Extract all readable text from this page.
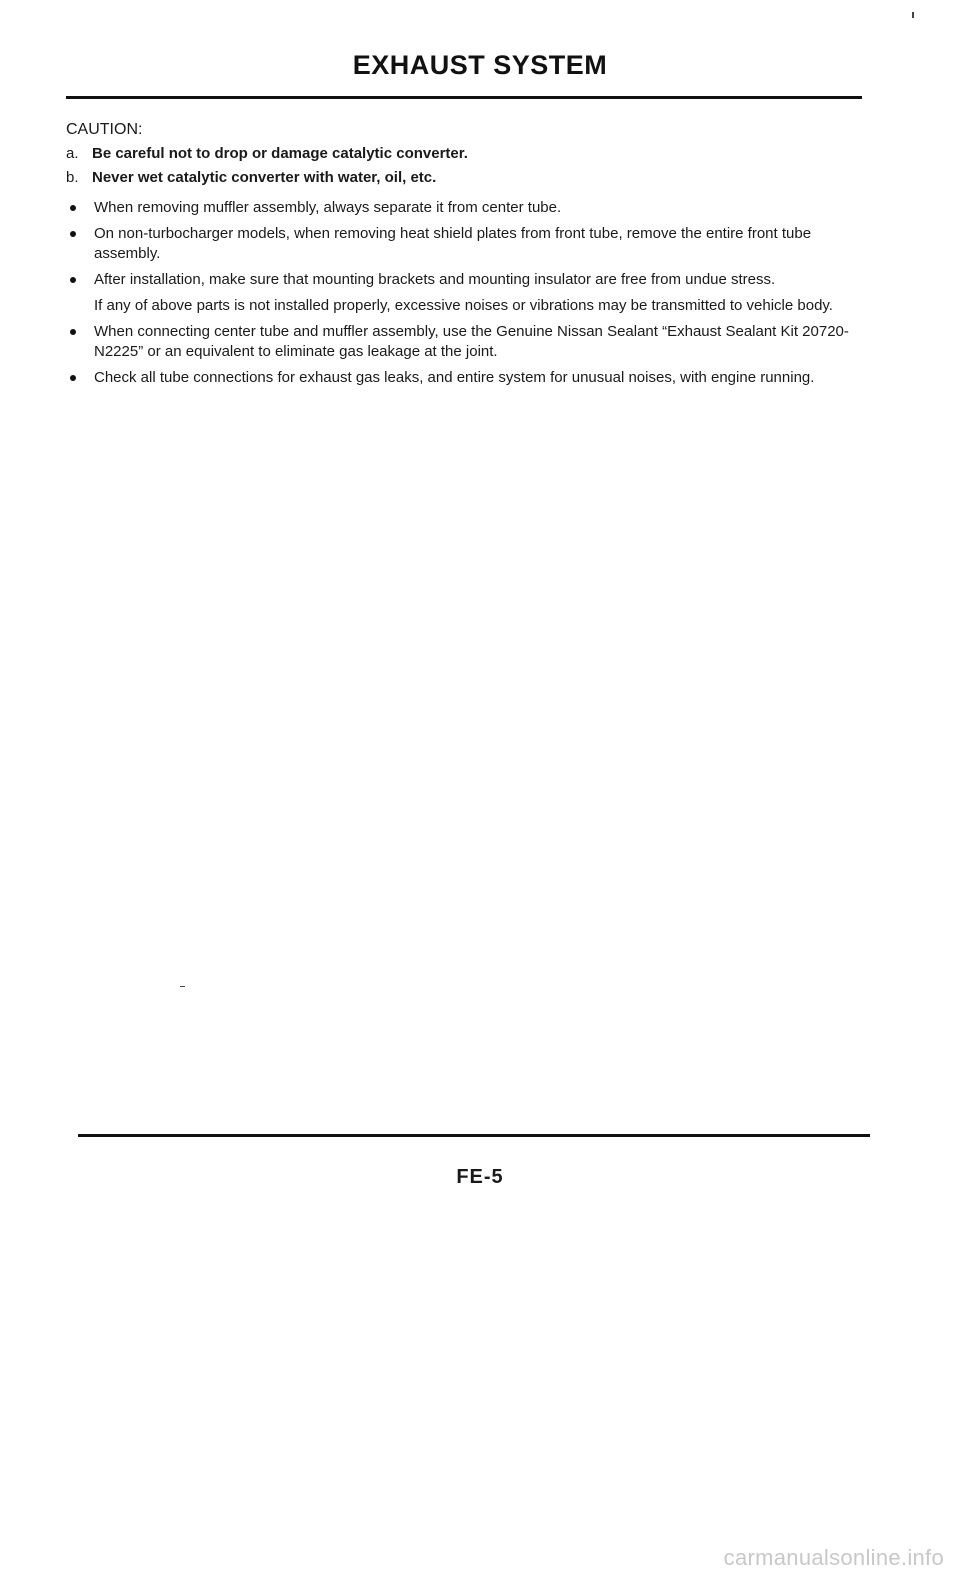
EXHAUST SYSTEM
CAUTION:
a. Be careful not to drop or damage catalytic converter.
b. Never wet catalytic converter with water, oil, etc.

When removing muffler assembly, always separate it from center tube.

On non-turbocharger models, when removing heat shield plates from front tube, remove the entire front tube assembly.

After installation, make sure that mounting brackets and mounting insulator are free from undue stress.

If any of above parts is not installed properly, excessive noises or vibrations may be transmitted to vehicle body.

When connecting center tube and muffler assembly, use the Genuine Nissan Sealant “Exhaust Sealant Kit 20720-N2225” or an equivalent to eliminate gas leakage at the joint.

Check all tube connections for exhaust gas leaks, and entire system for unusual noises, with engine running.

FE-5
carmanualsonline.info
